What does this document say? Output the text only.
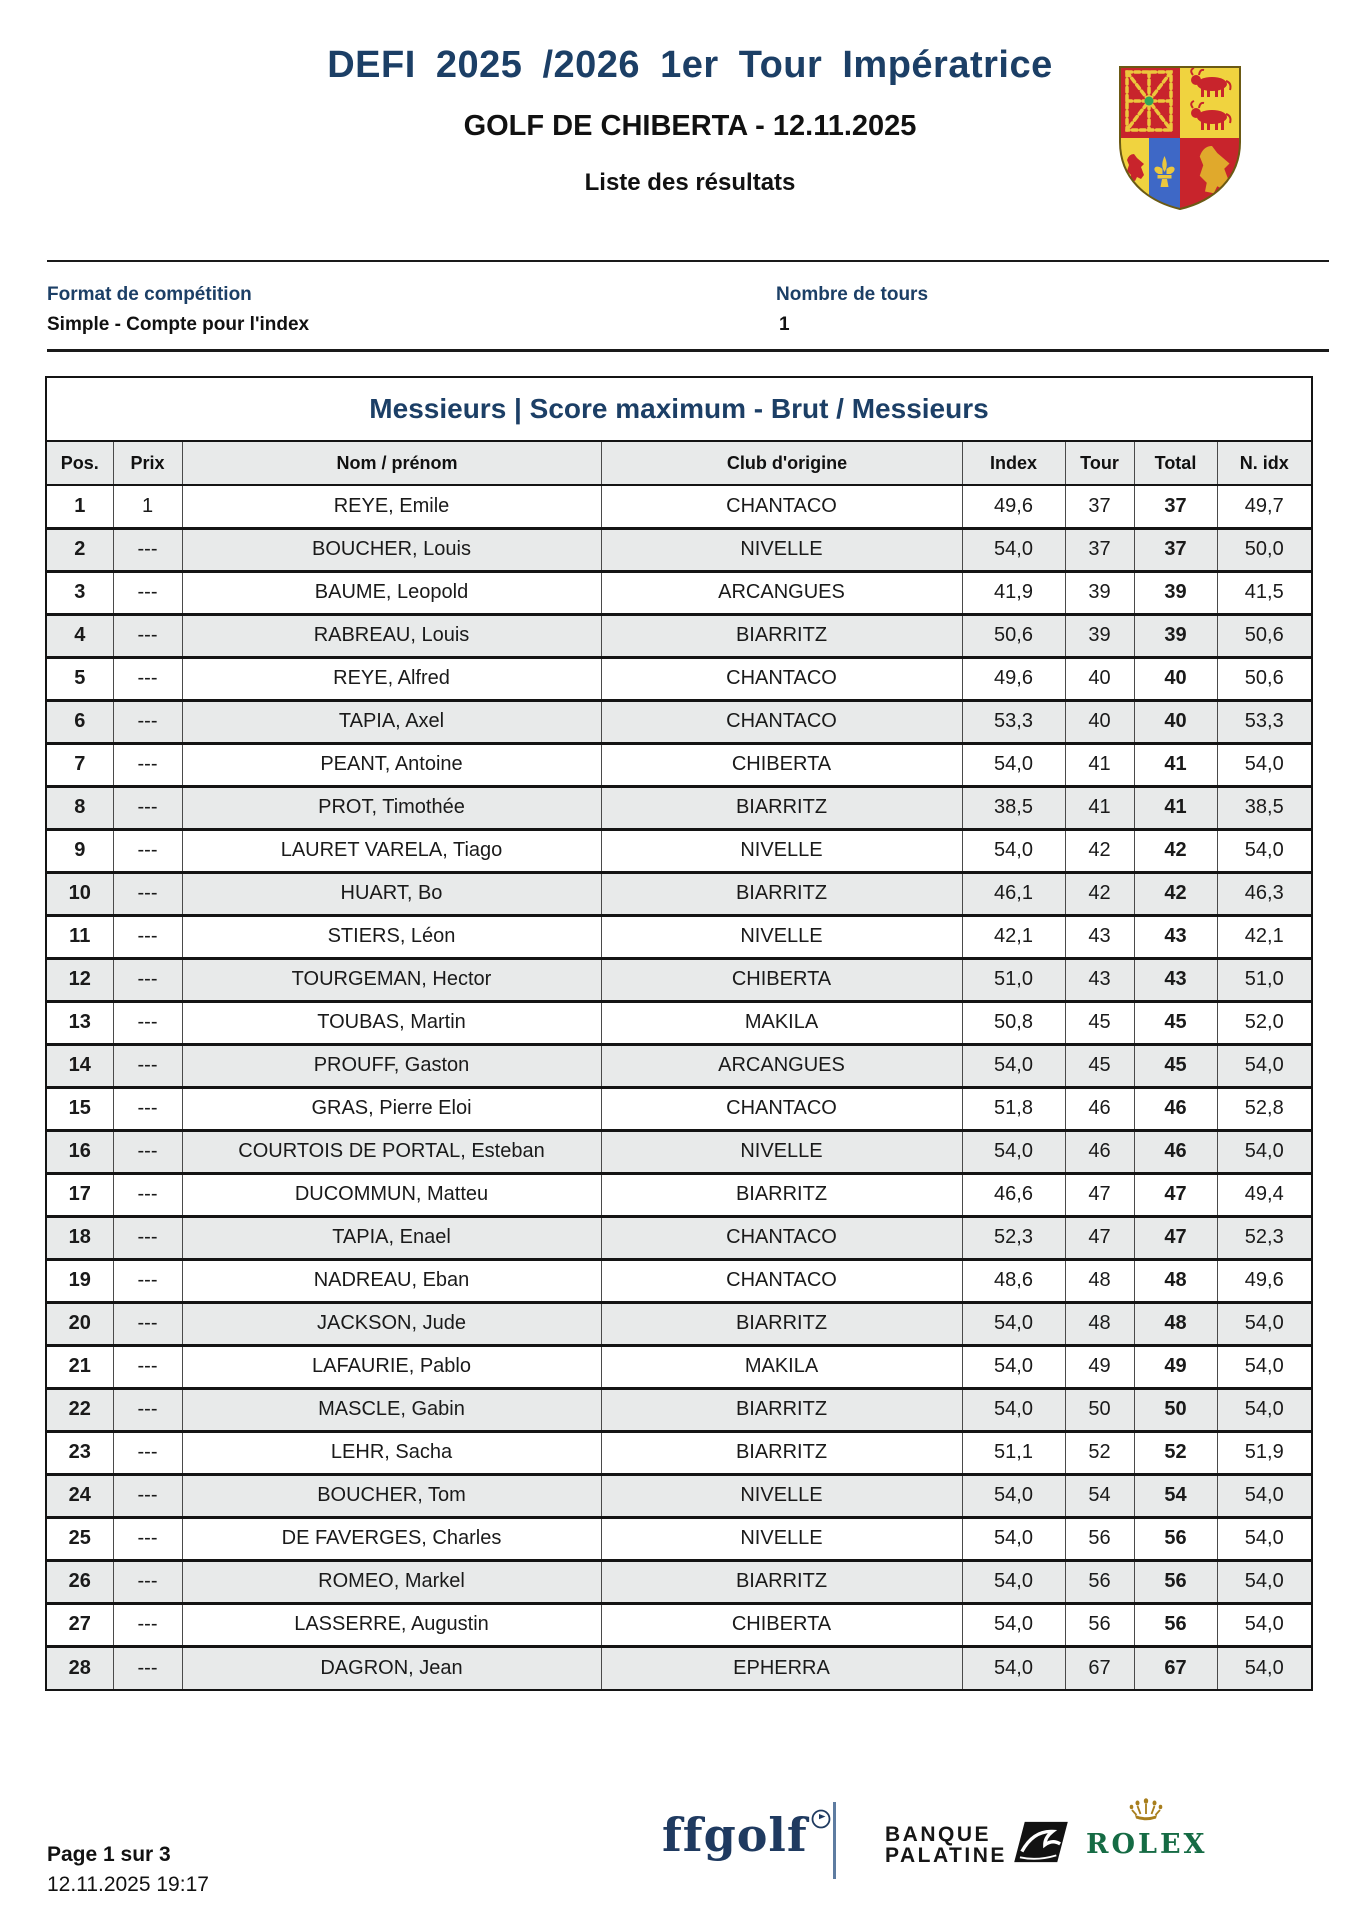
DEFI 2025 /2026 1er Tour Impératrice
GOLF DE CHIBERTA - 12.11.2025
Liste des résultats
Format de compétition
Simple - Compte pour l'index
Nombre de tours
1
Messieurs | Score maximum - Brut / Messieurs
Pos.	Prix	Nom / prénom	Club d'origine	Index	Tour	Total	N. idx
1	1	REYE, Emile	CHANTACO	49,6	37	37	49,7
2	---	BOUCHER, Louis	NIVELLE	54,0	37	37	50,0
3	---	BAUME, Leopold	ARCANGUES	41,9	39	39	41,5
4	---	RABREAU, Louis	BIARRITZ	50,6	39	39	50,6
5	---	REYE, Alfred	CHANTACO	49,6	40	40	50,6
6	---	TAPIA, Axel	CHANTACO	53,3	40	40	53,3
7	---	PEANT, Antoine	CHIBERTA	54,0	41	41	54,0
8	---	PROT, Timothée	BIARRITZ	38,5	41	41	38,5
9	---	LAURET VARELA, Tiago	NIVELLE	54,0	42	42	54,0
10	---	HUART, Bo	BIARRITZ	46,1	42	42	46,3
11	---	STIERS, Léon	NIVELLE	42,1	43	43	42,1
12	---	TOURGEMAN, Hector	CHIBERTA	51,0	43	43	51,0
13	---	TOUBAS, Martin	MAKILA	50,8	45	45	52,0
14	---	PROUFF, Gaston	ARCANGUES	54,0	45	45	54,0
15	---	GRAS, Pierre Eloi	CHANTACO	51,8	46	46	52,8
16	---	COURTOIS DE PORTAL, Esteban	NIVELLE	54,0	46	46	54,0
17	---	DUCOMMUN, Matteu	BIARRITZ	46,6	47	47	49,4
18	---	TAPIA, Enael	CHANTACO	52,3	47	47	52,3
19	---	NADREAU, Eban	CHANTACO	48,6	48	48	49,6
20	---	JACKSON, Jude	BIARRITZ	54,0	48	48	54,0
21	---	LAFAURIE, Pablo	MAKILA	54,0	49	49	54,0
22	---	MASCLE, Gabin	BIARRITZ	54,0	50	50	54,0
23	---	LEHR, Sacha	BIARRITZ	51,1	52	52	51,9
24	---	BOUCHER, Tom	NIVELLE	54,0	54	54	54,0
25	---	DE FAVERGES, Charles	NIVELLE	54,0	56	56	54,0
26	---	ROMEO, Markel	BIARRITZ	54,0	56	56	54,0
27	---	LASSERRE, Augustin	CHIBERTA	54,0	56	56	54,0
28	---	DAGRON, Jean	EPHERRA	54,0	67	67	54,0
Page 1 sur 3
12.11.2025 19:17
ffgolf	BANQUE
PALATINE	ROLEX
